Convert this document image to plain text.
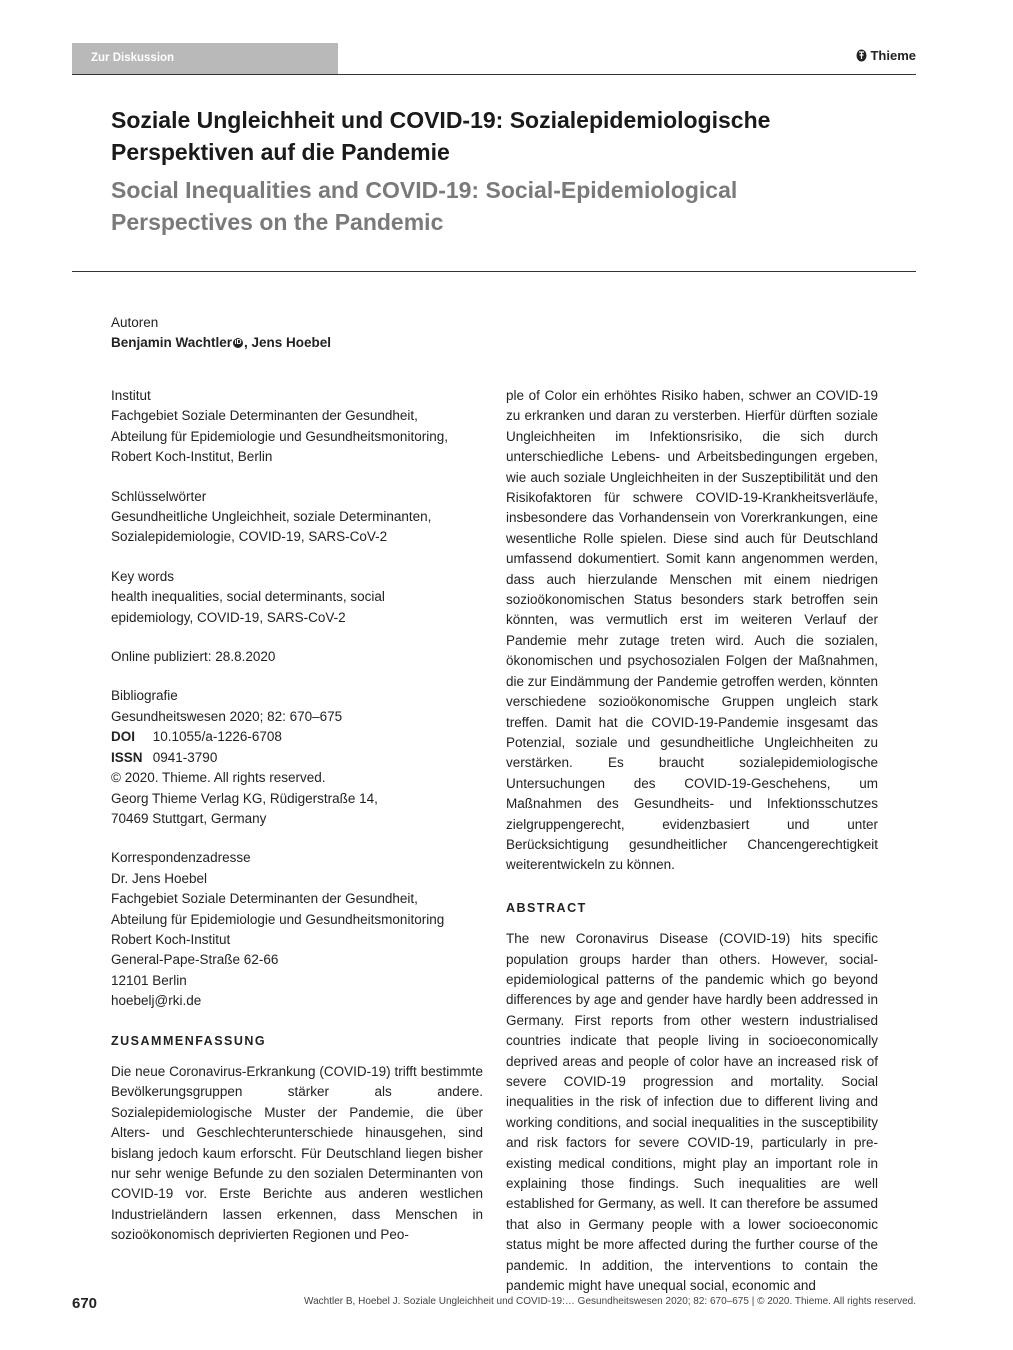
Zur Diskussion	Thieme
Soziale Ungleichheit und COVID-19: Sozialepidemiologische Perspektiven auf die Pandemie
Social Inequalities and COVID-19: Social-Epidemiological Perspectives on the Pandemic
Autoren
Benjamin Wachtler iD , Jens Hoebel

Institut

Fachgebiet Soziale Determinanten der Gesundheit,

Abteilung für Epidemiologie und Gesundheitsmonitoring,

Robert Koch-Institut, Berlin

Schlüsselwörter

Gesundheitliche Ungleichheit, soziale Determinanten,

Sozialepidemiologie, COVID-19, SARS-CoV-2

Key words

health inequalities, social determinants, social

epidemiology, COVID-19, SARS-CoV-2

Online publiziert: 28.8.2020

Bibliografie

Gesundheitswesen 2020; 82: 670–675

DOI 10.1055/a-1226-6708

ISSN 0941-3790

© 2020. Thieme. All rights reserved.

Georg Thieme Verlag KG, Rüdigerstraße 14,

70469 Stuttgart, Germany

Korrespondenzadresse

Dr. Jens Hoebel

Fachgebiet Soziale Determinanten der Gesundheit,

Abteilung für Epidemiologie und Gesundheitsmonitoring

Robert Koch-Institut

General-Pape-Straße 62-66

12101 Berlin

hoebelj@rki.de

ZUSAMMENFASSUNG

Die neue Coronavirus-Erkrankung (COVID-19) trifft bestimmte Bevölkerungsgruppen stärker als andere. Sozialepidemiologische Muster der Pandemie, die über Alters- und Geschlechterunterschiede hinausgehen, sind bislang jedoch kaum erforscht. Für Deutschland liegen bisher nur sehr wenige Befunde zu den sozialen Determinanten von COVID-19 vor. Erste Berichte aus anderen westlichen Industrieländern lassen erkennen, dass Menschen in sozioökonomisch deprivierten Regionen und Peo-

ple of Color ein erhöhtes Risiko haben, schwer an COVID-19 zu erkranken und daran zu versterben. Hierfür dürften soziale Ungleichheiten im Infektionsrisiko, die sich durch unterschiedliche Lebens- und Arbeitsbedingungen ergeben, wie auch soziale Ungleichheiten in der Suszeptibilität und den Risikofaktoren für schwere COVID-19-Krankheitsverläufe, insbesondere das Vorhandensein von Vorerkrankungen, eine wesentliche Rolle spielen. Diese sind auch für Deutschland umfassend dokumentiert. Somit kann angenommen werden, dass auch hierzulande Menschen mit einem niedrigen sozioökonomischen Status besonders stark betroffen sein könnten, was vermutlich erst im weiteren Verlauf der Pandemie mehr zutage treten wird. Auch die sozialen, ökonomischen und psychosozialen Folgen der Maßnahmen, die zur Eindämmung der Pandemie getroffen werden, könnten verschiedene sozioökonomische Gruppen ungleich stark treffen. Damit hat die COVID-19-Pandemie insgesamt das Potenzial, soziale und gesundheitliche Ungleichheiten zu verstärken. Es braucht sozialepidemiologische Untersuchungen des COVID-19-Geschehens, um Maßnahmen des Gesundheits- und Infektionsschutzes zielgruppengerecht, evidenzbasiert und unter Berücksichtigung gesundheitlicher Chancengerechtigkeit weiterentwickeln zu können.

ABSTRACT

The new Coronavirus Disease (COVID-19) hits specific population groups harder than others. However, social-epidemiological patterns of the pandemic which go beyond differences by age and gender have hardly been addressed in Germany. First reports from other western industrialised countries indicate that people living in socioeconomically deprived areas and people of color have an increased risk of severe COVID-19 progression and mortality. Social inequalities in the risk of infection due to different living and working conditions, and social inequalities in the susceptibility and risk factors for severe COVID-19, particularly in pre-existing medical conditions, might play an important role in explaining those findings. Such inequalities are well established for Germany, as well. It can therefore be assumed that also in Germany people with a lower socioeconomic status might be more affected during the further course of the pandemic. In addition, the interventions to contain the pandemic might have unequal social, economic and

670	Wachtler B, Hoebel J. Soziale Ungleichheit und COVID-19:… Gesundheitswesen 2020; 82: 670–675 | © 2020. Thieme. All rights reserved.
